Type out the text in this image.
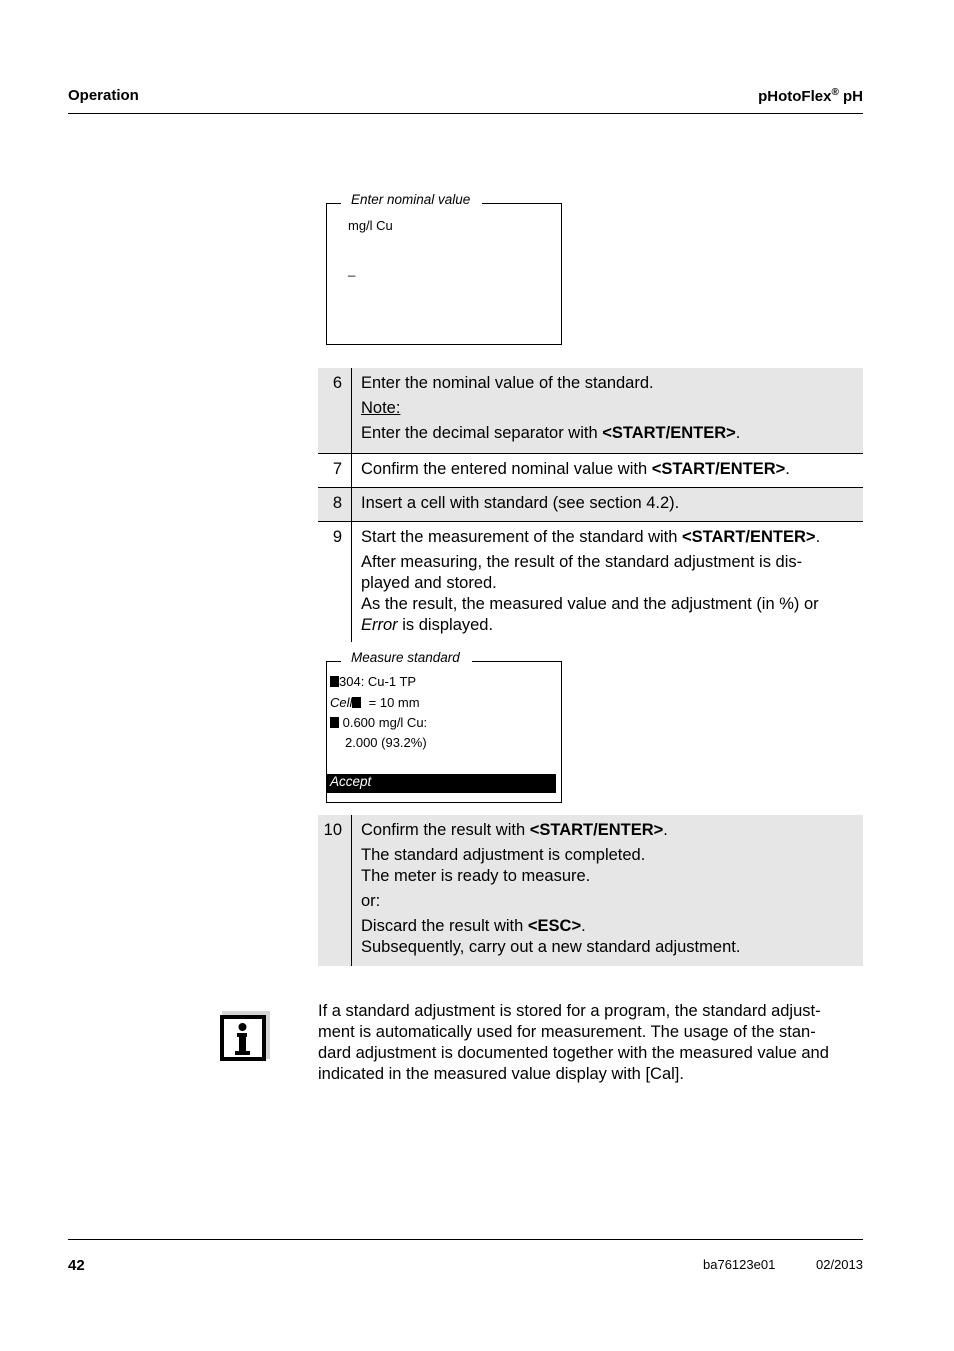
Operation	pHotoFlex® pH
Enter nominal value
mg/l Cu
_
6	Enter the nominal value of the standard.

Note:

Enter the decimal separator with <START/ENTER>.

7	Confirm the entered nominal value with <START/ENTER>.
8	Insert a cell with standard (see section 4.2).
9	Start the measurement of the standard with <START/ENTER>.

After measuring, the result of the standard adjustment is dis-

played and stored.

As the result, the measured value and the adjustment (in %) or

Error is displayed.

Measure standard
304: Cu-1 TP
Cell  = 10 mm
0.600 mg/l Cu:
2.000 (93.2%)
Accept
10	Confirm the result with <START/ENTER>.

The standard adjustment is completed.

The meter is ready to measure.

or:

Discard the result with <ESC>.

Subsequently, carry out a new standard adjustment.

If a standard adjustment is stored for a program, the standard adjust-
ment is automatically used for measurement. The usage of the stan-
dard adjustment is documented together with the measured value and
indicated in the measured value display with [Cal].
42	ba76123e01	02/2013
